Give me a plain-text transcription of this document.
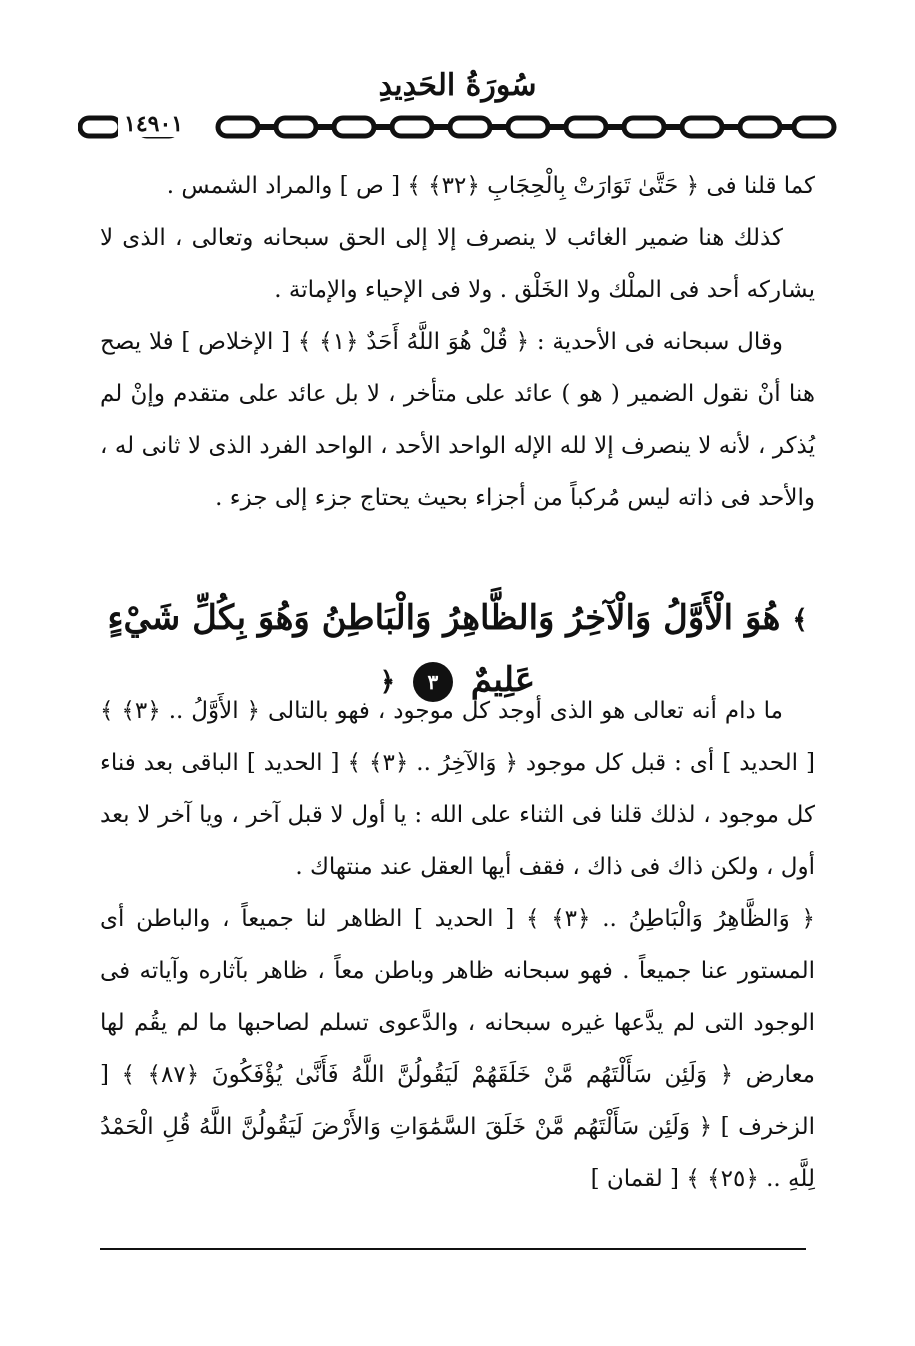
سُورَةُ الحَدِيدِ
١٤٩٠١

كما قلنا فى ﴿ حَتَّىٰ تَوَارَتْ بِالْحِجَابِ ﴿٣٢﴾ ﴾ [ ص ] والمراد الشمس .

كذلك هنا ضمير الغائب لا ينصرف إلا إلى الحق سبحانه وتعالى ، الذى لا يشاركه أحد فى الملْك ولا الخَلْق . ولا فى الإحياء والإماتة .

وقال سبحانه فى الأحدية : ﴿ قُلْ هُوَ اللَّهُ أَحَدٌ ﴿١﴾ ﴾ [ الإخلاص ] فلا يصح هنا أنْ نقول الضمير ( هو ) عائد على متأخر ، لا بل عائد على متقدم وإنْ لم يُذكر ، لأنه لا ينصرف إلا لله الإله الواحد الأحد ، الواحد الفرد الذى لا ثانى له ، والأحد فى ذاته ليس مُركباً من أجزاء بحيث يحتاج جزء إلى جزء .

﴾ هُوَ الْأَوَّلُ وَالْآخِرُ وَالظَّاهِرُ وَالْبَاطِنُ وَهُوَ بِكُلِّ شَيْءٍ عَلِيمٌ ٣ ﴿

ما دام أنه تعالى هو الذى أوجد كل موجود ، فهو بالتالى ﴿ الأَوَّلُ .. ﴿٣﴾ ﴾ [ الحديد ] أى : قبل كل موجود ﴿ وَالآخِرُ .. ﴿٣﴾ ﴾ [ الحديد ] الباقى بعد فناء كل موجود ، لذلك قلنا فى الثناء على الله : يا أول لا قبل آخر ، ويا آخر لا بعد أول ، ولكن ذاك فى ذاك ، فقف أيها العقل عند منتهاك .

﴿ وَالظَّاهِرُ وَالْبَاطِنُ .. ﴿٣﴾ ﴾ [ الحديد ] الظاهر لنا جميعاً ، والباطن أى المستور عنا جميعاً . فهو سبحانه ظاهر وباطن معاً ، ظاهر بآثاره وآياته فى الوجود التى لم يدَّعها غيره سبحانه ، والدَّعوى تسلم لصاحبها ما لم يقُم لها معارض ﴿ وَلَئِن سَأَلْتَهُم مَّنْ خَلَقَهُمْ لَيَقُولُنَّ اللَّهُ فَأَنَّىٰ يُؤْفَكُونَ ﴿٨٧﴾ ﴾ [ الزخرف ] ﴿ وَلَئِن سَأَلْتَهُم مَّنْ خَلَقَ السَّمَٰوَاتِ وَالأَرْضَ لَيَقُولُنَّ اللَّهُ قُلِ الْحَمْدُ لِلَّهِ .. ﴿٢٥﴾ ﴾ [ لقمان ]
